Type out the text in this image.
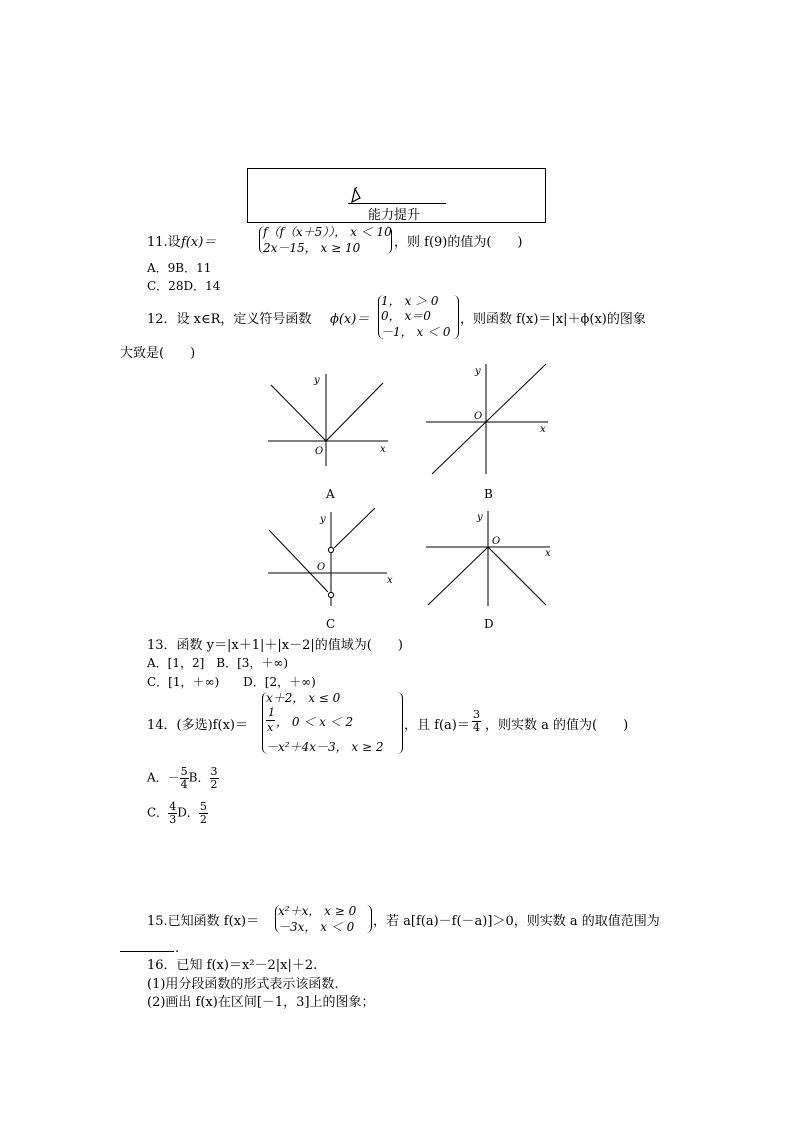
能力提升
11.设 f(x)＝
f（f（x＋5））， x ＜ 10
2x－15， x ≥ 10	，则 f(9)的值为(　　)
A．9B．11
C．28D．14
12．设 x∈R，定义符号函数 ϕ(x)＝
1， x ＞ 0
0， x＝0
－1， x ＜ 0
，则函数 f(x)＝|x|＋ϕ(x)的图象
大致是(　　)
y
x
O
A
y
x
O
B
y
x
O
C
y
x
O
D
13．函数 y＝|x＋1|＋|x－2|的值域为(　　)
A．[1，2]　B．[3，＋∞)
C．[1，＋∞)　　D．[2，＋∞)
14．(多选)f(x)＝
x＋2， x ≤ 0
1
x ， 0 ＜ x ＜ 2
－x²＋4x－3， x ≥ 2
，且 $f(a)= \frac{3}{4}$ ，则实数 a 的值为(　　)
A．－ $\frac{5}{4}$ B． $\frac{3}{2}$
C． $\frac{4}{3}$ D． $\frac{5}{2}$
15.已知函数 f(x)＝
x²＋x， x ≥ 0
－3x， x ＜ 0 ，若 a[f(a)－f(－a)]＞0，则实数 a 的取值范围为
.
16．已知 f(x)＝x²－2|x|＋2.
(1)用分段函数的形式表示该函数.
(2)画出 f(x)在区间[－1，3]上的图象；
